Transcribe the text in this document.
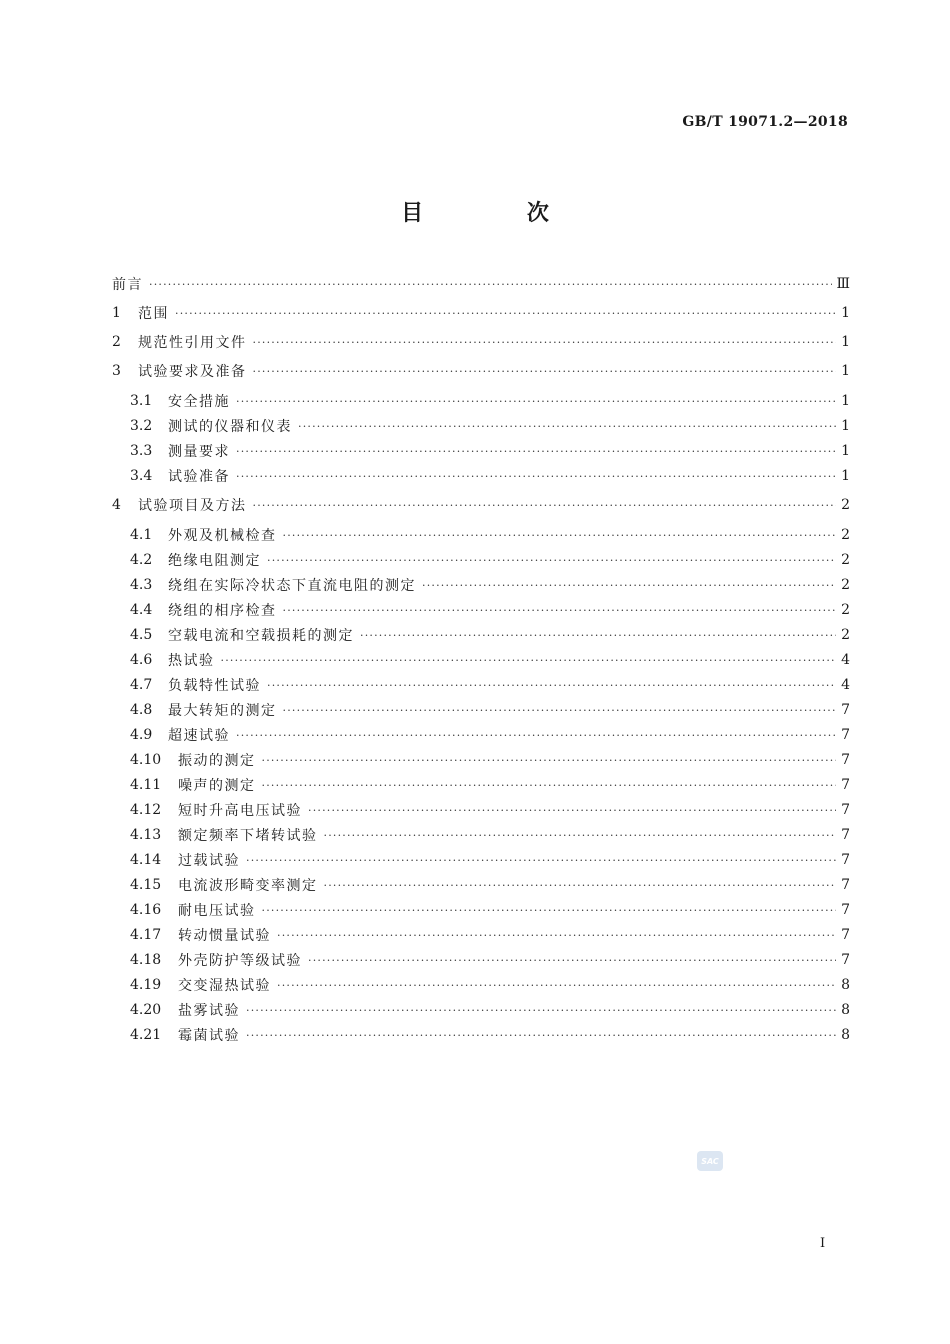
GB/T 19071.2—2018
目 次
前言 ·····	Ⅲ
1	范围 ·····	1
2	规范性引用文件 ·····	1
3	试验要求及准备 ·····	1
3.1	安全措施 ·····	1
3.2	测试的仪器和仪表 ·····	1
3.3	测量要求 ·····	1
3.4	试验准备 ·····	1
4	试验项目及方法 ·····	2
4.1	外观及机械检查 ·····	2
4.2	绝缘电阻测定 ·····	2
4.3	绕组在实际冷状态下直流电阻的测定 ·····	2
4.4	绕组的相序检查 ·····	2
4.5	空载电流和空载损耗的测定 ·····	2
4.6	热试验 ·····	4
4.7	负载特性试验 ·····	4
4.8	最大转矩的测定 ·····	7
4.9	超速试验 ·····	7
4.10	振动的测定 ·····	7
4.11	噪声的测定 ·····	7
4.12	短时升高电压试验 ·····	7
4.13	额定频率下堵转试验 ·····	7
4.14	过载试验 ·····	7
4.15	电流波形畸变率测定 ·····	7
4.16	耐电压试验 ·····	7
4.17	转动惯量试验 ·····	7
4.18	外壳防护等级试验 ·····	7
4.19	交变湿热试验 ·····	8
4.20	盐雾试验 ·····	8
4.21	霉菌试验 ·····	8
SAC
Ⅰ
